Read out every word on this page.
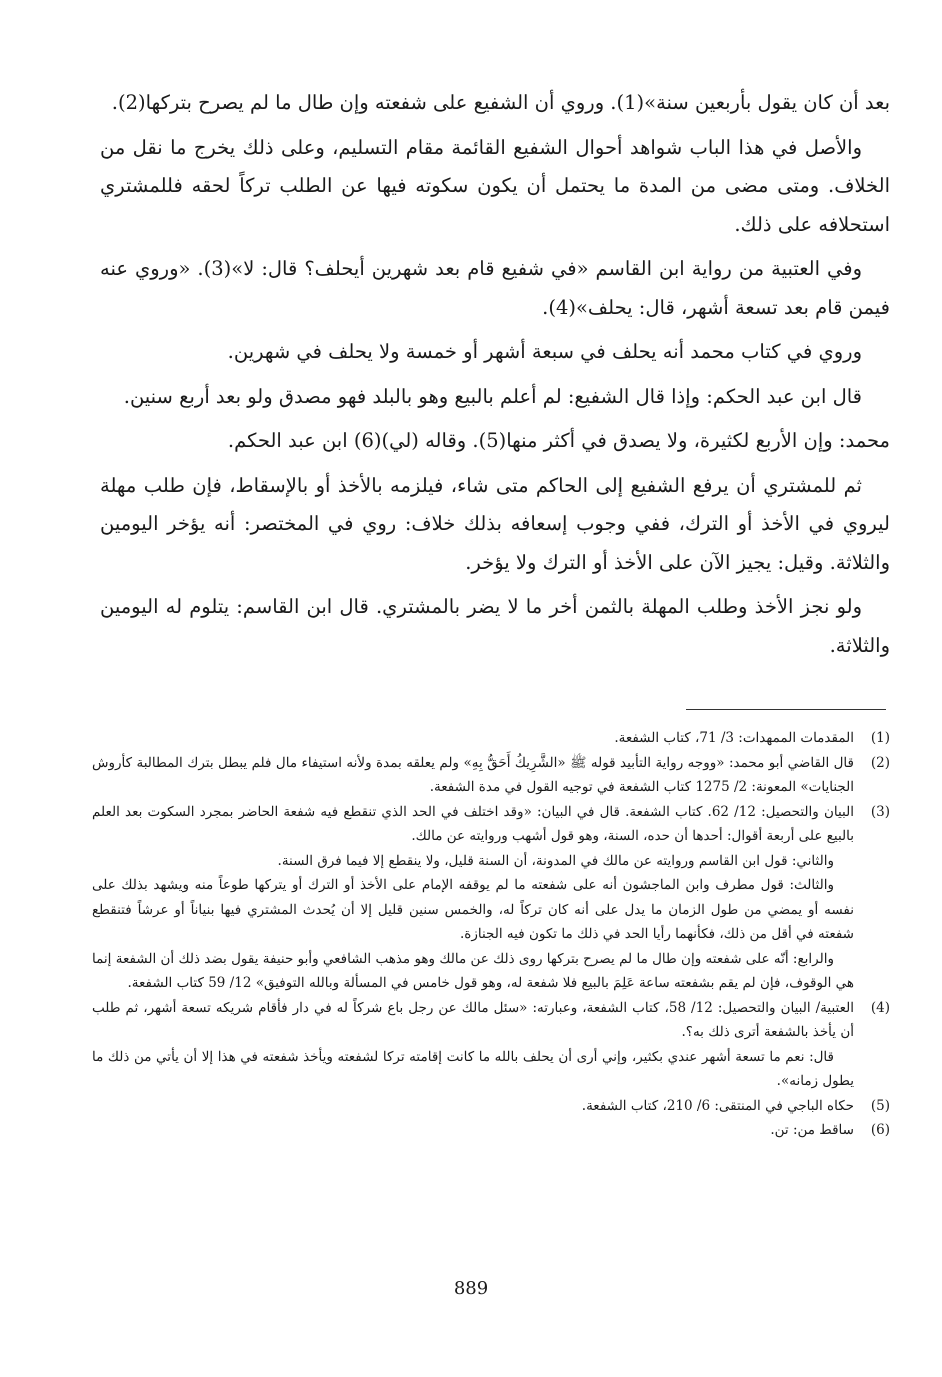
بعد أن كان يقول بأربعين سنة»(1). وروي أن الشفيع على شفعته وإن طال ما لم يصرح بتركها(2).

والأصل في هذا الباب شواهد أحوال الشفيع القائمة مقام التسليم، وعلى ذلك يخرج ما نقل من الخلاف. ومتى مضى من المدة ما يحتمل أن يكون سكوته فيها عن الطلب تركاً لحقه فللمشتري استحلافه على ذلك.

وفي العتبية من رواية ابن القاسم «في شفيع قام بعد شهرين أيحلف؟ قال: لا»(3). «وروي عنه فيمن قام بعد تسعة أشهر، قال: يحلف»(4).

وروي في كتاب محمد أنه يحلف في سبعة أشهر أو خمسة ولا يحلف في شهرين.

قال ابن عبد الحكم: وإذا قال الشفيع: لم أعلم بالبيع وهو بالبلد فهو مصدق ولو بعد أربع سنين.

محمد: وإن الأربع لكثيرة، ولا يصدق في أكثر منها(5). وقاله (لي)(6) ابن عبد الحكم.

ثم للمشتري أن يرفع الشفيع إلى الحاكم متى شاء، فيلزمه بالأخذ أو بالإسقاط، فإن طلب مهلة ليروي في الأخذ أو الترك، ففي وجوب إسعافه بذلك خلاف: روي في المختصر: أنه يؤخر اليومين والثلاثة. وقيل: يجيز الآن على الأخذ أو الترك ولا يؤخر.

ولو نجز الأخذ وطلب المهلة بالثمن أخر ما لا يضر بالمشتري. قال ابن القاسم: يتلوم له اليومين والثلاثة.

(1)

المقدمات الممهدات: 3/ 71، كتاب الشفعة.

(2)

قال القاضي أبو محمد: «ووجه رواية التأبيد قوله ﷺ «الشَّرِيكُ أَحَقُّ بِهِ» ولم يعلقه بمدة ولأنه استيفاء مال فلم يبطل بترك المطالبة كأروش الجنايات» المعونة: 2/ 1275 كتاب الشفعة في توجيه القول في مدة الشفعة.

(3)

البيان والتحصيل: 12/ 62. كتاب الشفعة. قال في البيان: «وقد اختلف في الحد الذي تنقطع فيه شفعة الحاضر بمجرد السكوت بعد العلم بالبيع على أربعة أقوال: أحدها أن حده، السنة، وهو قول أشهب وروايته عن مالك.

والثاني: قول ابن القاسم وروايته عن مالك في المدونة، أن السنة قليل، ولا ينقطع إلا فيما فرق السنة.

والثالث: قول مطرف وابن الماجشون أنه على شفعته ما لم يوقفه الإمام على الأخذ أو الترك أو يتركها طوعاً منه ويشهد بذلك على نفسه أو يمضي من طول الزمان ما يدل على أنه كان تركاً له، والخمس سنين قليل إلا أن يُحدث المشتري فيها بنياناً أو عرشاً فتنقطع شفعته في أقل من ذلك، فكأنهما رأيا الحد في ذلك ما تكون فيه الجنازة.

والرابع: أنّه على شفعته وإن طال ما لم يصرح بتركها روى ذلك عن مالك وهو مذهب الشافعي وأبو حنيفة يقول بضد ذلك أن الشفعة إنما هي الوقوف، فإن لم يقم بشفعته ساعة عَلِمَ بالبيع فلا شفعة له، وهو قول خامس في المسألة وبالله التوفيق» 12/ 59 كتاب الشفعة.

(4)

العتبية/ البيان والتحصيل: 12/ 58، كتاب الشفعة، وعبارته: «سئل مالك عن رجل باع شركاً له في دار فأقام شريكه تسعة أشهر، ثم طلب أن يأخذ بالشفعة أترى ذلك به؟.

قال: نعم ما تسعة أشهر عندي بكثير، وإني أرى أن يحلف بالله ما كانت إقامته تركا لشفعته ويأخذ شفعته في هذا إلا أن يأتي من ذلك ما يطول زمانه».

(5)

حكاه الباجي في المنتقى: 6/ 210، كتاب الشفعة.

(6)

ساقط من: تن.

889
